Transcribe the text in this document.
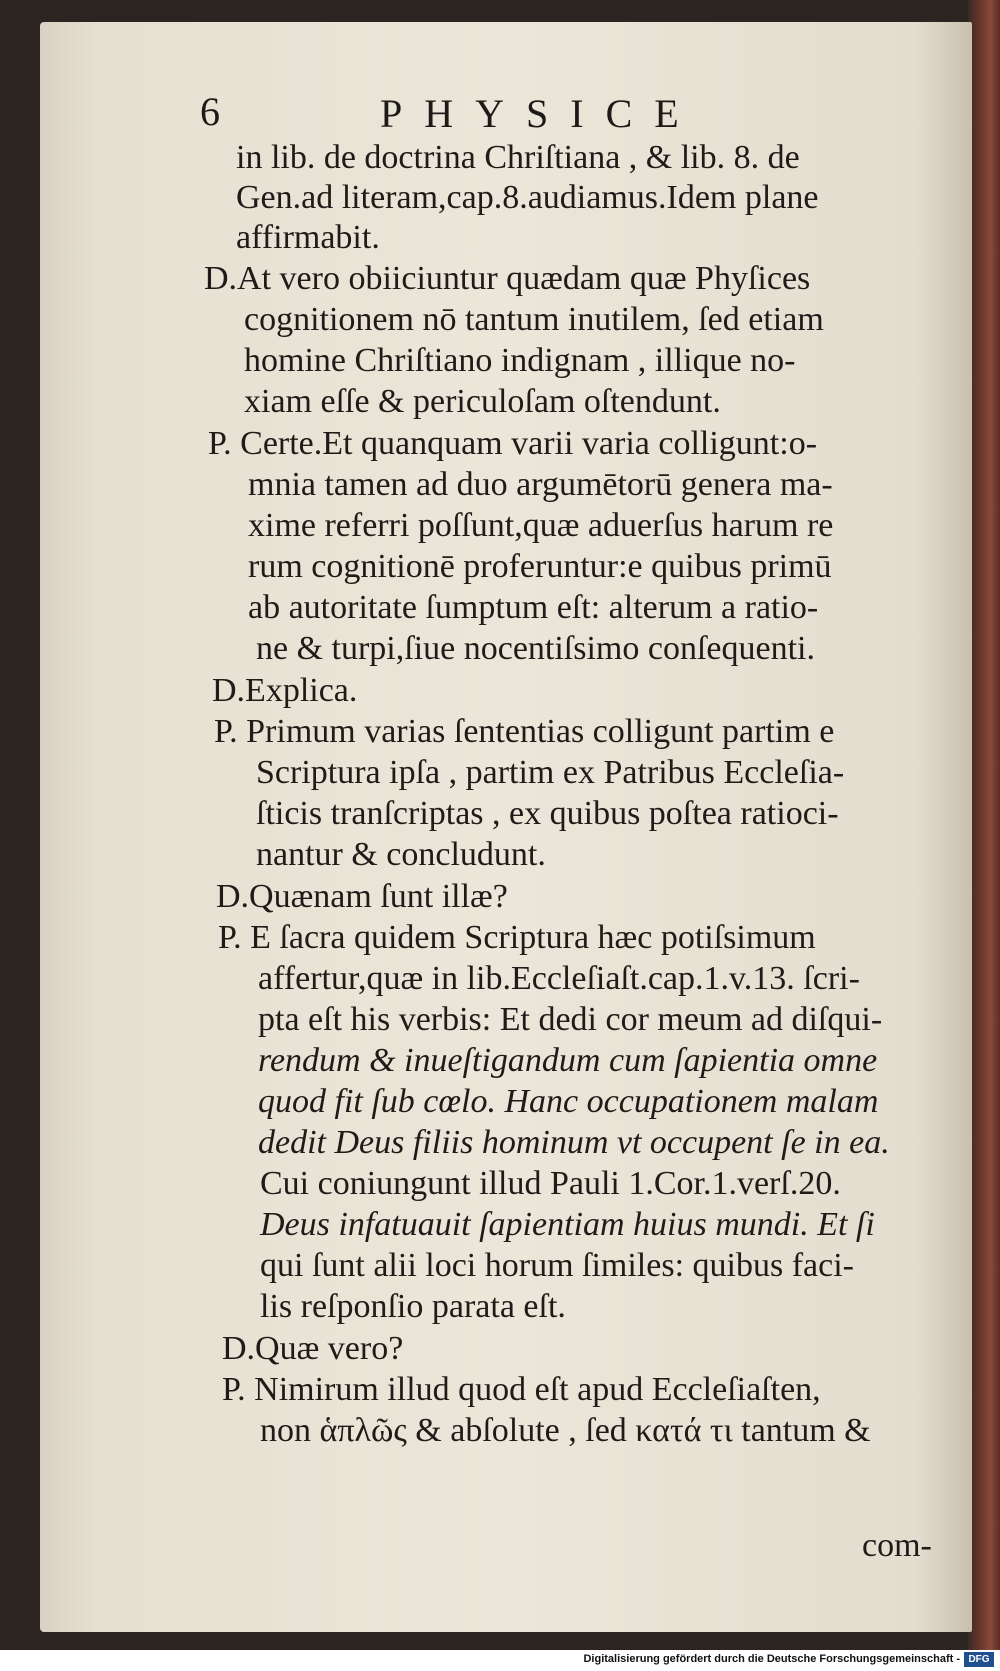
6	PHYSICE
in lib. de doctrina Chriſtiana , & lib. 8. de
Gen.ad literam,cap.8.audiamus.Idem plane
affirmabit.
D.At vero obiiciuntur quædam quæ Phyſices
cognitionem nō tantum inutilem, ſed etiam
homine Chriſtiano indignam , illique no-
xiam eſſe & periculoſam oſtendunt.
P. Certe.Et quanquam varii varia colligunt:o-
mnia tamen ad duo argumētorū genera ma-
xime referri poſſunt,quæ aduerſus harum re
rum cognitionē proferuntur:e quibus primū
ab autoritate ſumptum eſt: alterum a ratio-
ne & turpi,ſiue nocentiſsimo conſequenti.
D.Explica.
P. Primum varias ſententias colligunt partim e
Scriptura ipſa , partim ex Patribus Eccleſia-
ſticis tranſcriptas , ex quibus poſtea ratioci-
nantur & concludunt.
D.Quænam ſunt illæ?
P. E ſacra quidem Scriptura hæc potiſsimum
affertur,quæ in lib.Eccleſiaſt.cap.1.v.13. ſcri-
pta eſt his verbis: Et dedi cor meum ad diſqui-
rendum & inueſtigandum cum ſapientia omne
quod fit ſub cœlo. Hanc occupationem malam
dedit Deus filiis hominum vt occupent ſe in ea.
Cui coniungunt illud Pauli 1.Cor.1.verſ.20.
Deus infatuauit ſapientiam huius mundi. Et ſi
qui ſunt alii loci horum ſimiles: quibus faci-
lis reſponſio parata eſt.
D.Quæ vero?
P. Nimirum illud quod eſt apud Eccleſiaſten,
non ἁπλῶς & abſolute , ſed κατά τι tantum &
com-
Digitalisierung gefördert durch die Deutsche Forschungsgemeinschaft - DFG
